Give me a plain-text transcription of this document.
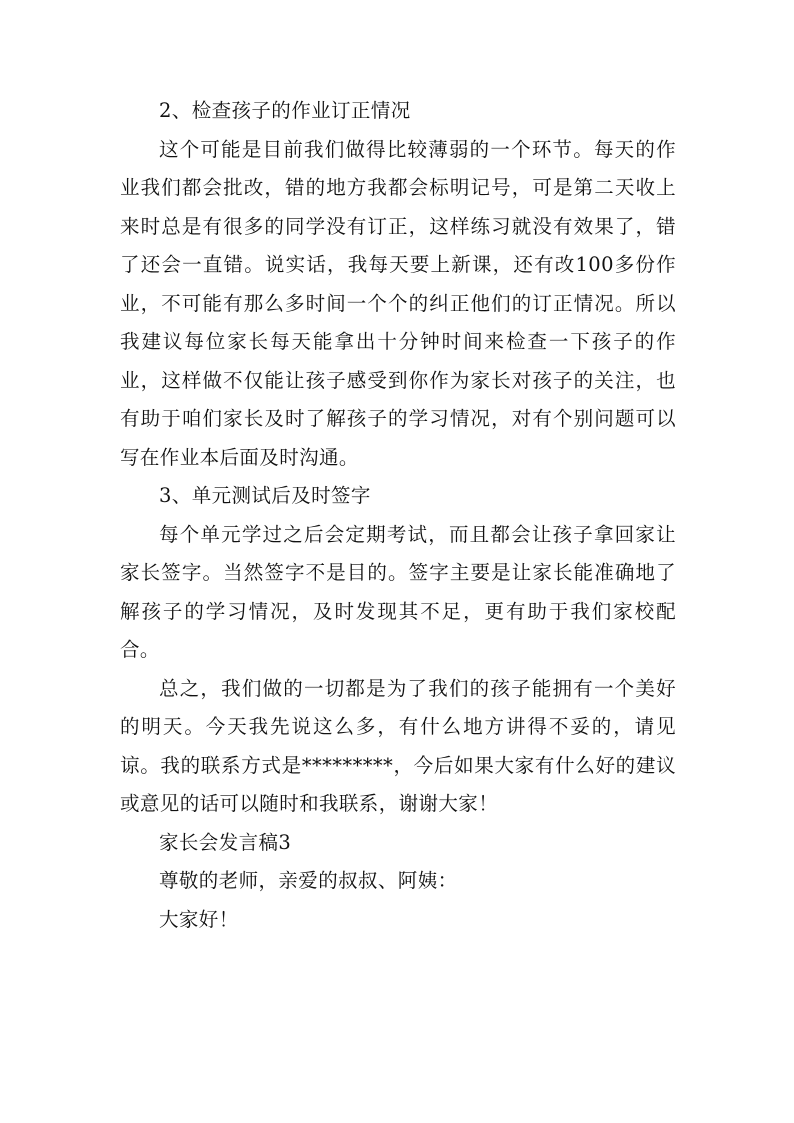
2、检查孩子的作业订正情况

这个可能是目前我们做得比较薄弱的一个环节。每天的作业我们都会批改，错的地方我都会标明记号，可是第二天收上来时总是有很多的同学没有订正，这样练习就没有效果了，错了还会一直错。说实话，我每天要上新课，还有改100多份作业，不可能有那么多时间一个个的纠正他们的订正情况。所以我建议每位家长每天能拿出十分钟时间来检查一下孩子的作业，这样做不仅能让孩子感受到你作为家长对孩子的关注，也有助于咱们家长及时了解孩子的学习情况，对有个别问题可以写在作业本后面及时沟通。

3、单元测试后及时签字

每个单元学过之后会定期考试，而且都会让孩子拿回家让家长签字。当然签字不是目的。签字主要是让家长能准确地了解孩子的学习情况，及时发现其不足，更有助于我们家校配合。

总之，我们做的一切都是为了我们的孩子能拥有一个美好的明天。今天我先说这么多，有什么地方讲得不妥的，请见谅。我的联系方式是*********，今后如果大家有什么好的建议或意见的话可以随时和我联系，谢谢大家！

家长会发言稿3

尊敬的老师，亲爱的叔叔、阿姨：

大家好！
